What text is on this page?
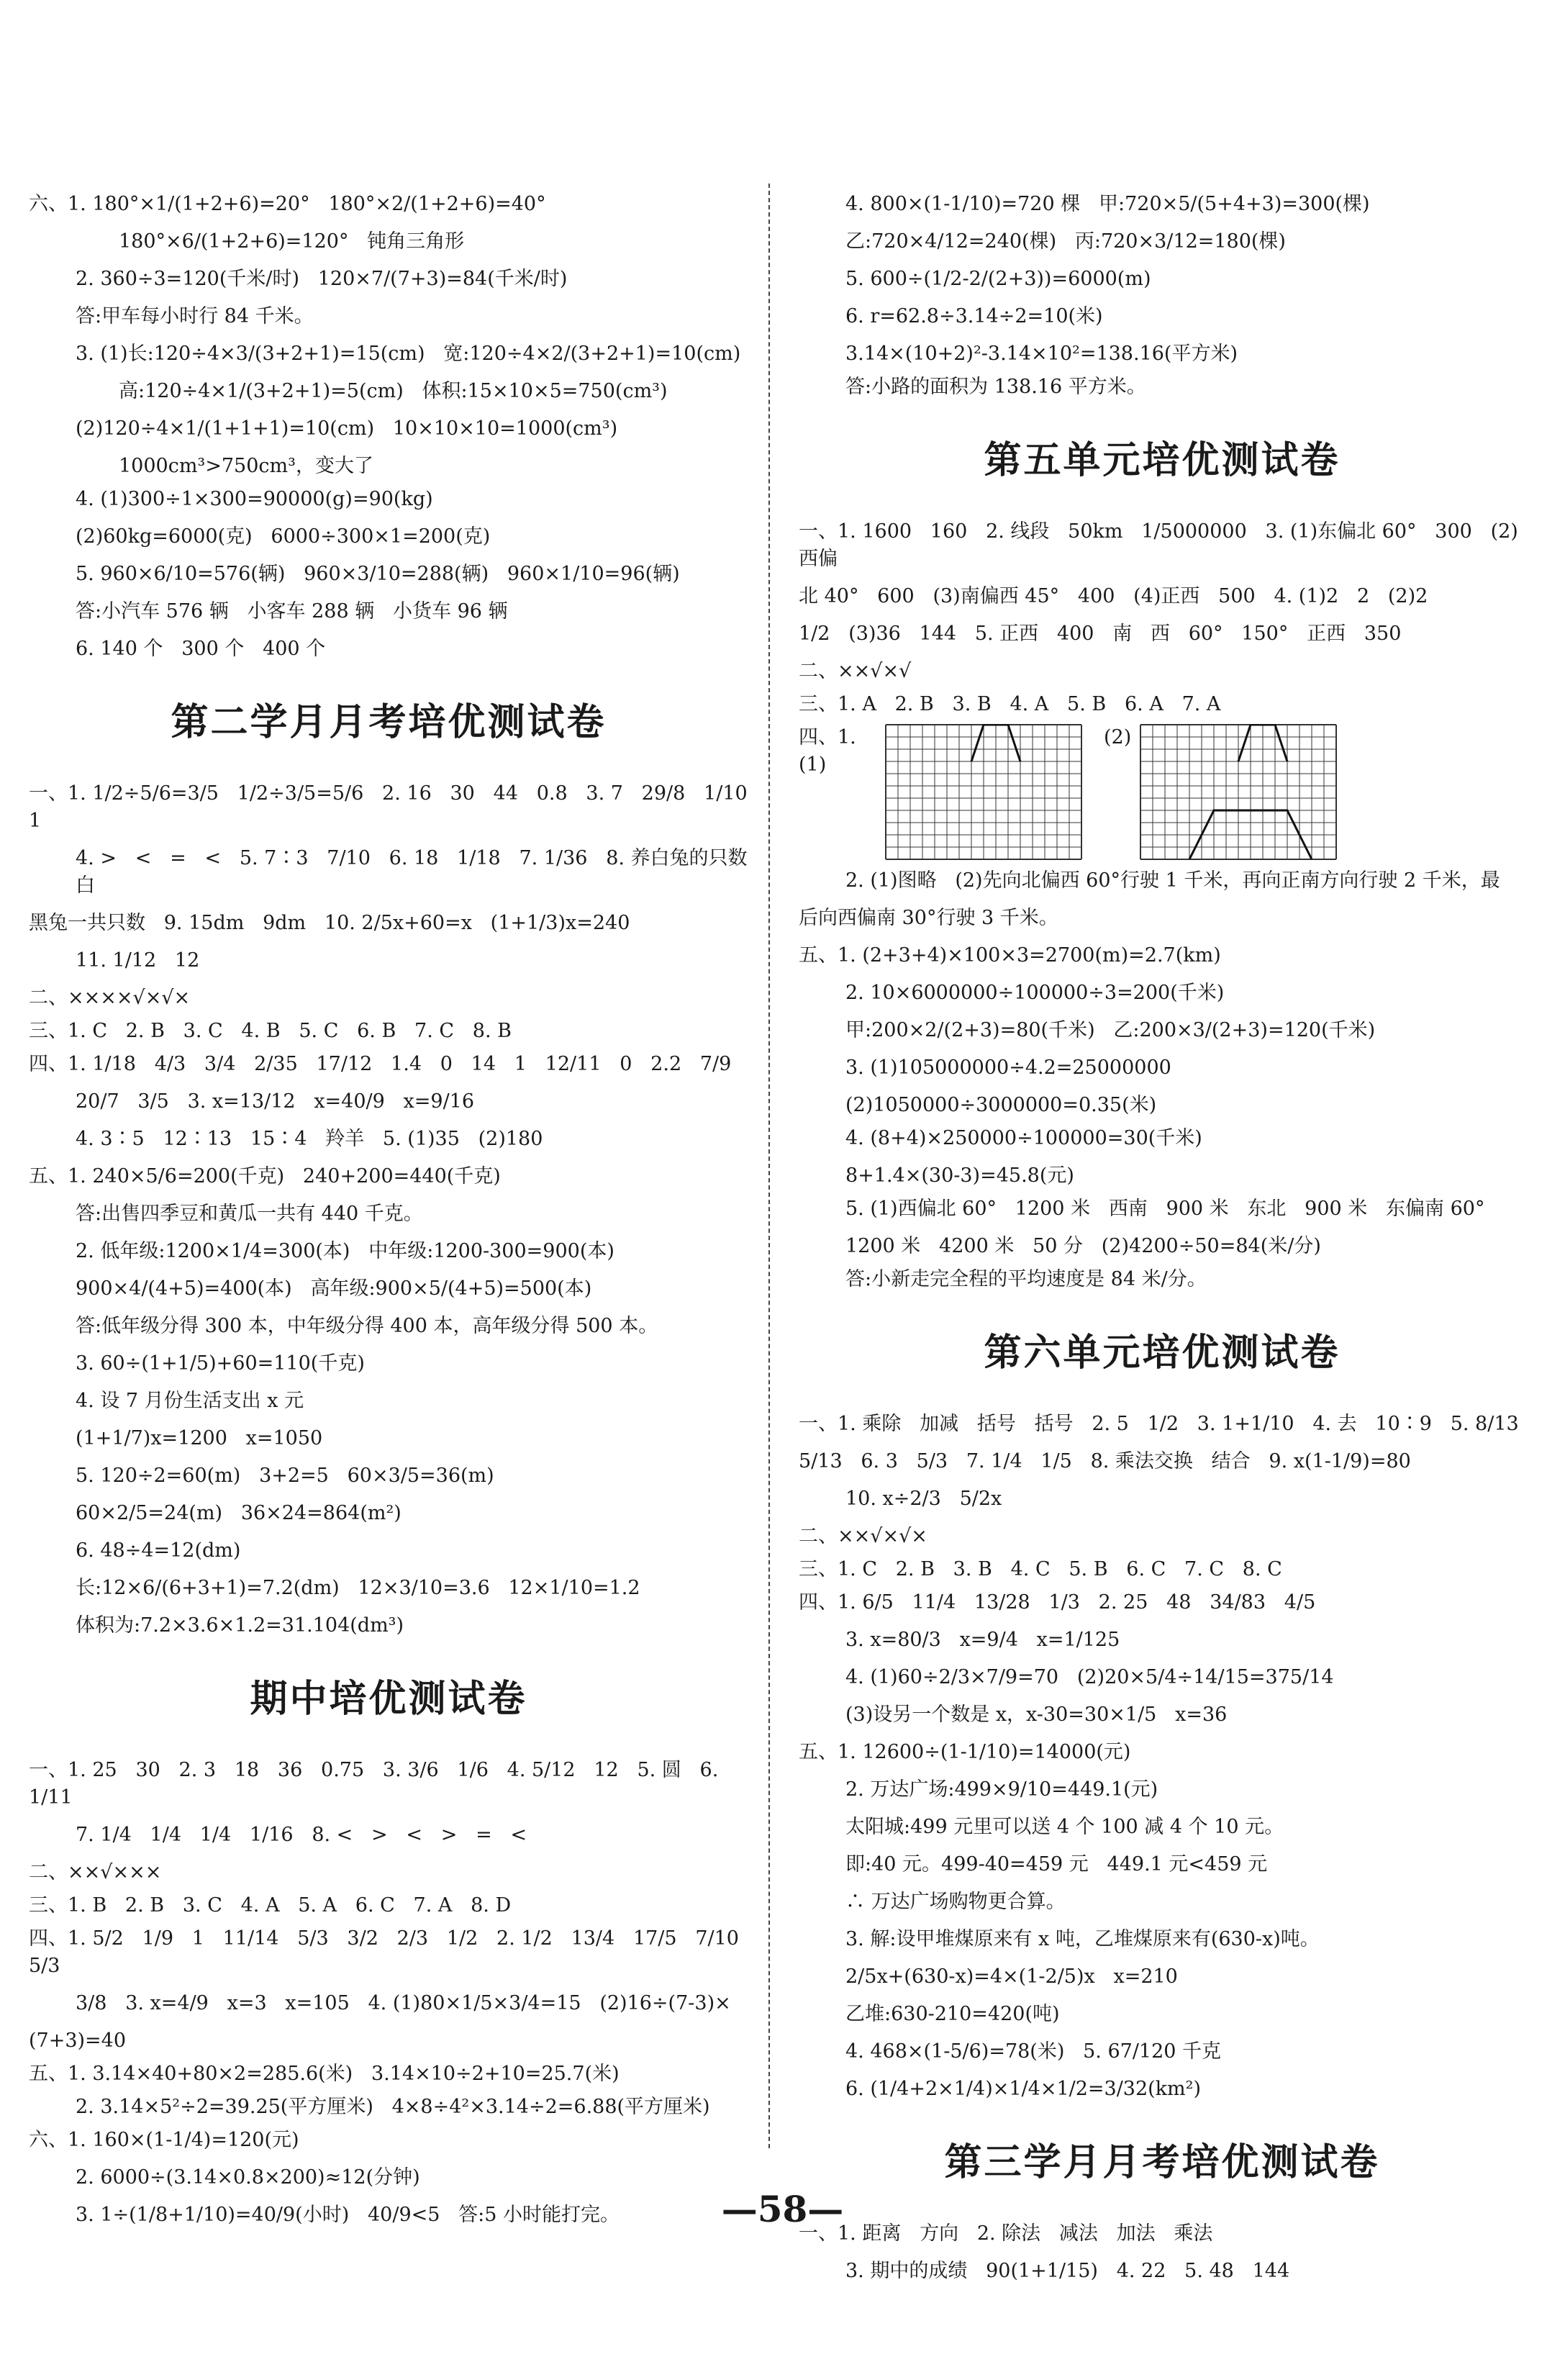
六、1. 180°×1/(1+2+6)=20°   180°×2/(1+2+6)=40°
180°×6/(1+2+6)=120°   钝角三角形
2. 360÷3=120(千米/时)   120×7/(7+3)=84(千米/时)
答:甲车每小时行 84 千米。
3. (1)长:120÷4×3/(3+2+1)=15(cm)   宽:120÷4×2/(3+2+1)=10(cm)
高:120÷4×1/(3+2+1)=5(cm)   体积:15×10×5=750(cm³)
(2)120÷4×1/(1+1+1)=10(cm)   10×10×10=1000(cm³)
1000cm³>750cm³，变大了
4. (1)300÷1×300=90000(g)=90(kg)
(2)60kg=6000(克)   6000÷300×1=200(克)
5. 960×6/10=576(辆)   960×3/10=288(辆)   960×1/10=96(辆)
答:小汽车 576 辆   小客车 288 辆   小货车 96 辆
6. 140 个   300 个   400 个
第二学月月考培优测试卷
一、1. 1/2÷5/6=3/5   1/2÷3/5=5/6   2. 16   30   44   0.8   3. 7   29/8   1/10   1
4. >   <   =   <   5. 7∶3   7/10   6. 18   1/18   7. 1/36   8. 养白兔的只数   白
黑兔一共只数   9. 15dm   9dm   10. 2/5x+60=x   (1+1/3)x=240
11. 1/12   12
二、××××√×√×
三、1. C   2. B   3. C   4. B   5. C   6. B   7. C   8. B
四、1. 1/18   4/3   3/4   2/35   17/12   1.4   0   14   1   12/11   0   2.2   7/9
20/7   3/5   3. x=13/12   x=40/9   x=9/16
4. 3∶5   12∶13   15∶4   羚羊   5. (1)35   (2)180
五、1. 240×5/6=200(千克)   240+200=440(千克)
答:出售四季豆和黄瓜一共有 440 千克。
2. 低年级:1200×1/4=300(本)   中年级:1200-300=900(本)
900×4/(4+5)=400(本)   高年级:900×5/(4+5)=500(本)
答:低年级分得 300 本，中年级分得 400 本，高年级分得 500 本。
3. 60÷(1+1/5)+60=110(千克)
4. 设 7 月份生活支出 x 元
(1+1/7)x=1200   x=1050
5. 120÷2=60(m)   3+2=5   60×3/5=36(m)
60×2/5=24(m)   36×24=864(m²)
6. 48÷4=12(dm)
长:12×6/(6+3+1)=7.2(dm)   12×3/10=3.6   12×1/10=1.2
体积为:7.2×3.6×1.2=31.104(dm³)
期中培优测试卷
一、1. 25   30   2. 3   18   36   0.75   3. 3/6   1/6   4. 5/12   12   5. 圆   6. 1/11
7. 1/4   1/4   1/4   1/16   8. <   >   <   >   =   <
二、××√×××
三、1. B   2. B   3. C   4. A   5. A   6. C   7. A   8. D
四、1. 5/2   1/9   1   11/14   5/3   3/2   2/3   1/2   2. 1/2   13/4   17/5   7/10   5/3
3/8   3. x=4/9   x=3   x=105   4. (1)80×1/5×3/4=15   (2)16÷(7-3)×
(7+3)=40
五、1. 3.14×40+80×2=285.6(米)   3.14×10÷2+10=25.7(米)
2. 3.14×5²÷2=39.25(平方厘米)   4×8÷4²×3.14÷2=6.88(平方厘米)
六、1. 160×(1-1/4)=120(元)
2. 6000÷(3.14×0.8×200)≈12(分钟)
3. 1÷(1/8+1/10)=40/9(小时)   40/9<5   答:5 小时能打完。
4. 800×(1-1/10)=720 棵   甲:720×5/(5+4+3)=300(棵)
乙:720×4/12=240(棵)   丙:720×3/12=180(棵)
5. 600÷(1/2-2/(2+3))=6000(m)
6. r=62.8÷3.14÷2=10(米)
3.14×(10+2)²-3.14×10²=138.16(平方米)
答:小路的面积为 138.16 平方米。
第五单元培优测试卷
一、1. 1600   160   2. 线段   50km   1/5000000   3. (1)东偏北 60°   300   (2)西偏
北 40°   600   (3)南偏西 45°   400   (4)正西   500   4. (1)2   2   (2)2
1/2   (3)36   144   5. 正西   400   南   西   60°   150°   正西   350
二、××√×√
三、1. A   2. B   3. B   4. A   5. B   6. A   7. A
四、1. (1)
(2)
2. (1)图略   (2)先向北偏西 60°行驶 1 千米，再向正南方向行驶 2 千米，最
后向西偏南 30°行驶 3 千米。
五、1. (2+3+4)×100×3=2700(m)=2.7(km)
2. 10×6000000÷100000÷3=200(千米)
甲:200×2/(2+3)=80(千米)   乙:200×3/(2+3)=120(千米)
3. (1)105000000÷4.2=25000000
(2)1050000÷3000000=0.35(米)
4. (8+4)×250000÷100000=30(千米)
8+1.4×(30-3)=45.8(元)
5. (1)西偏北 60°   1200 米   西南   900 米   东北   900 米   东偏南 60°
1200 米   4200 米   50 分   (2)4200÷50=84(米/分)
答:小新走完全程的平均速度是 84 米/分。
第六单元培优测试卷
一、1. 乘除   加减   括号   括号   2. 5   1/2   3. 1+1/10   4. 去   10∶9   5. 8/13
5/13   6. 3   5/3   7. 1/4   1/5   8. 乘法交换   结合   9. x(1-1/9)=80
10. x÷2/3   5/2x
二、××√×√×
三、1. C   2. B   3. B   4. C   5. B   6. C   7. C   8. C
四、1. 6/5   11/4   13/28   1/3   2. 25   48   34/83   4/5
3. x=80/3   x=9/4   x=1/125
4. (1)60÷2/3×7/9=70   (2)20×5/4÷14/15=375/14
(3)设另一个数是 x，x-30=30×1/5   x=36
五、1. 12600÷(1-1/10)=14000(元)
2. 万达广场:499×9/10=449.1(元)
太阳城:499 元里可以送 4 个 100 减 4 个 10 元。
即:40 元。499-40=459 元   449.1 元<459 元
∴ 万达广场购物更合算。
3. 解:设甲堆煤原来有 x 吨，乙堆煤原来有(630-x)吨。
2/5x+(630-x)=4×(1-2/5)x   x=210
乙堆:630-210=420(吨)
4. 468×(1-5/6)=78(米)   5. 67/120 千克
6. (1/4+2×1/4)×1/4×1/2=3/32(km²)
第三学月月考培优测试卷
一、1. 距离   方向   2. 除法   减法   加法   乘法
3. 期中的成绩   90(1+1/15)   4. 22   5. 48   144
—58—
